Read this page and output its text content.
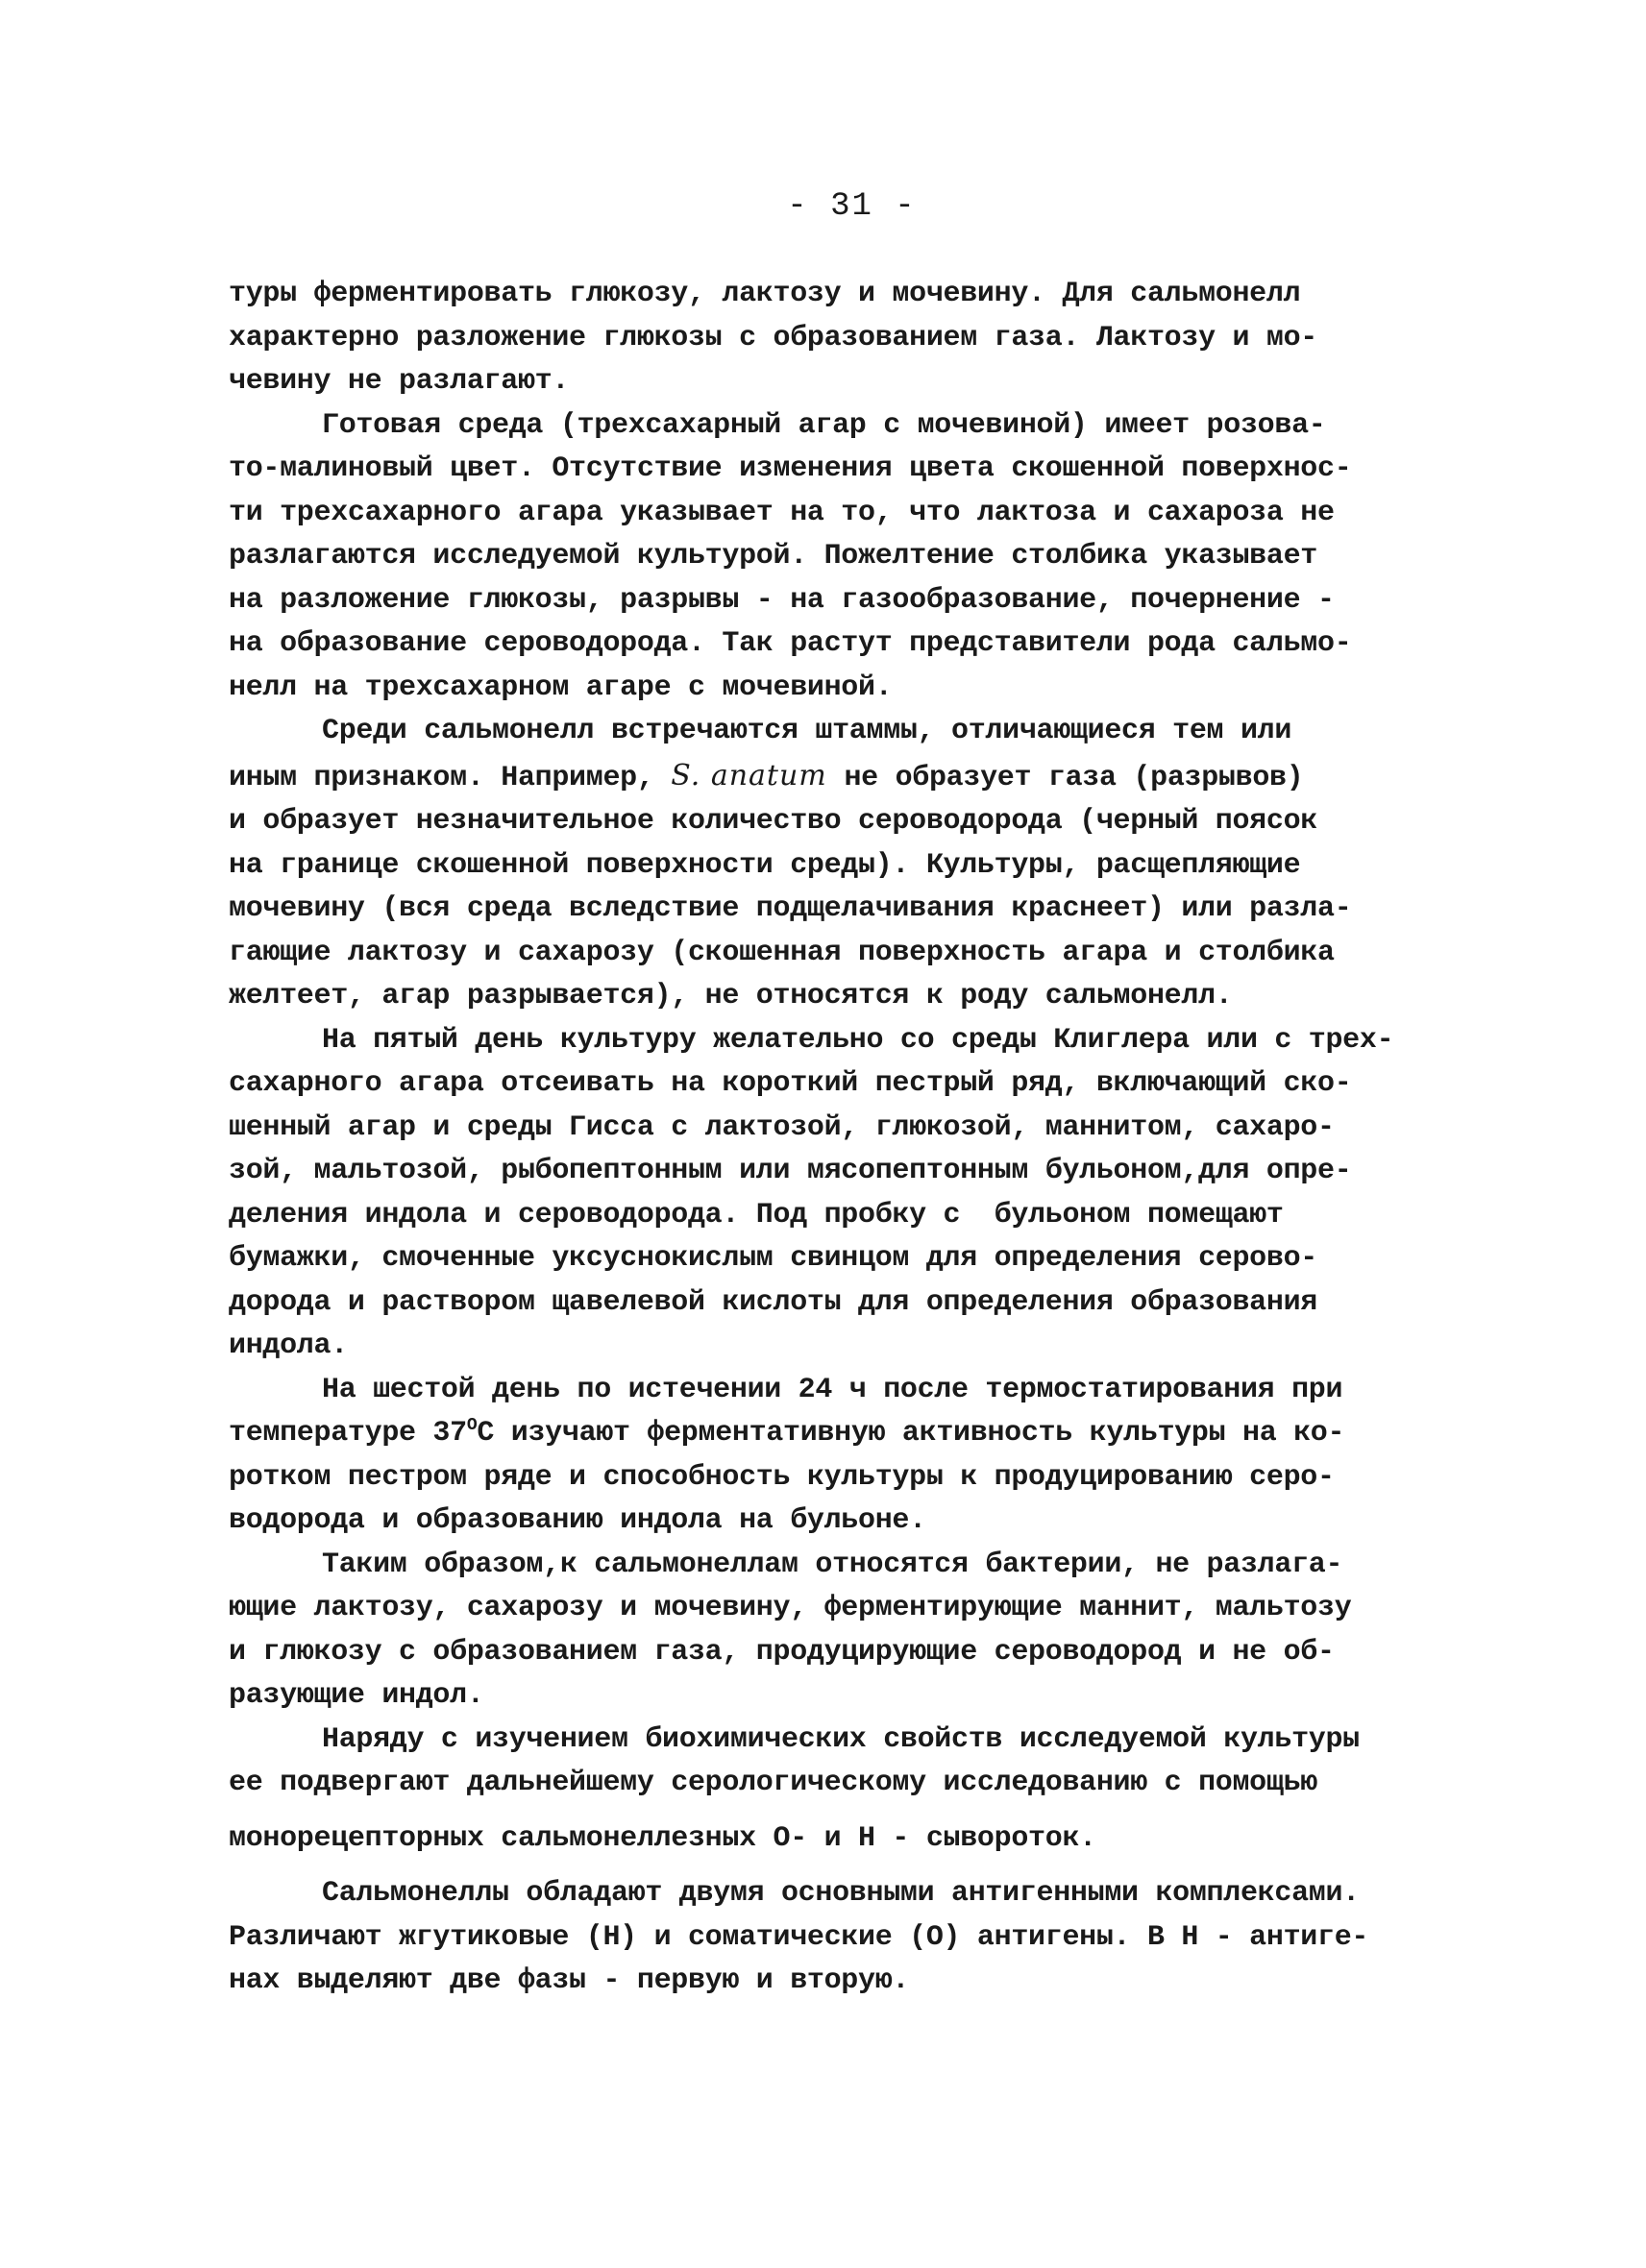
- 31 -
туры ферментировать глюкозу, лактозу и мочевину. Для сальмонелл
характерно разложение глюкозы с образованием газа. Лактозу и мо-
чевину не разлагают.
Готовая среда (трехсахарный агар с мочевиной) имеет розова-
то-малиновый цвет. Отсутствие изменения цвета скошенной поверхнос-
ти трехсахарного агара указывает на то, что лактоза и сахароза не
разлагаются исследуемой культурой. Пожелтение столбика указывает
на разложение глюкозы, разрывы - на газообразование, почернение -
на образование сероводорода. Так растут представители рода сальмо-
нелл на трехсахарном агаре с мочевиной.
Среди сальмонелл встречаются штаммы, отличающиеся тем или
иным признаком. Например, S. anatum не образует газа (разрывов)
и образует незначительное количество сероводорода (черный поясок
на границе скошенной поверхности среды). Культуры, расщепляющие
мочевину (вся среда вследствие подщелачивания краснеет) или разла-
гающие лактозу и сахарозу (скошенная поверхность агара и столбика
желтеет, агар разрывается), не относятся к роду сальмонелл.
На пятый день культуру желательно со среды Клиглера или с трех-
сахарного агара отсеивать на короткий пестрый ряд, включающий ско-
шенный агар и среды Гисса с лактозой, глюкозой, маннитом, сахаро-
зой, мальтозой, рыбопептонным или мясопептонным бульоном,для опре-
деления индола и сероводорода. Под пробку с  бульоном помещают
бумажки, смоченные уксуснокислым свинцом для определения серово-
дорода и раствором щавелевой кислоты для определения образования
индола.
На шестой день по истечении 24 ч после термостатирования при
температуре $37^OС$ изучают ферментативную активность культуры на ко-
ротком пестром ряде и способность культуры к продуцированию серо-
водорода и образованию индола на бульоне.
Таким образом,к сальмонеллам относятся бактерии, не разлага-
ющие лактозу, сахарозу и мочевину, ферментирующие маннит, мальтозу
и глюкозу с образованием газа, продуцирующие сероводород и не об-
разующие индол.
Наряду с изучением биохимических свойств исследуемой культуры
ее подвергают дальнейшему серологическому исследованию с помощью
монорецепторных сальмонеллезных О- и Н - сывороток.
Сальмонеллы обладают двумя основными антигенными комплексами.
Различают жгутиковые (Н) и соматические (О) антигены. В Н - антиге-
нах выделяют две фазы - первую и вторую.
